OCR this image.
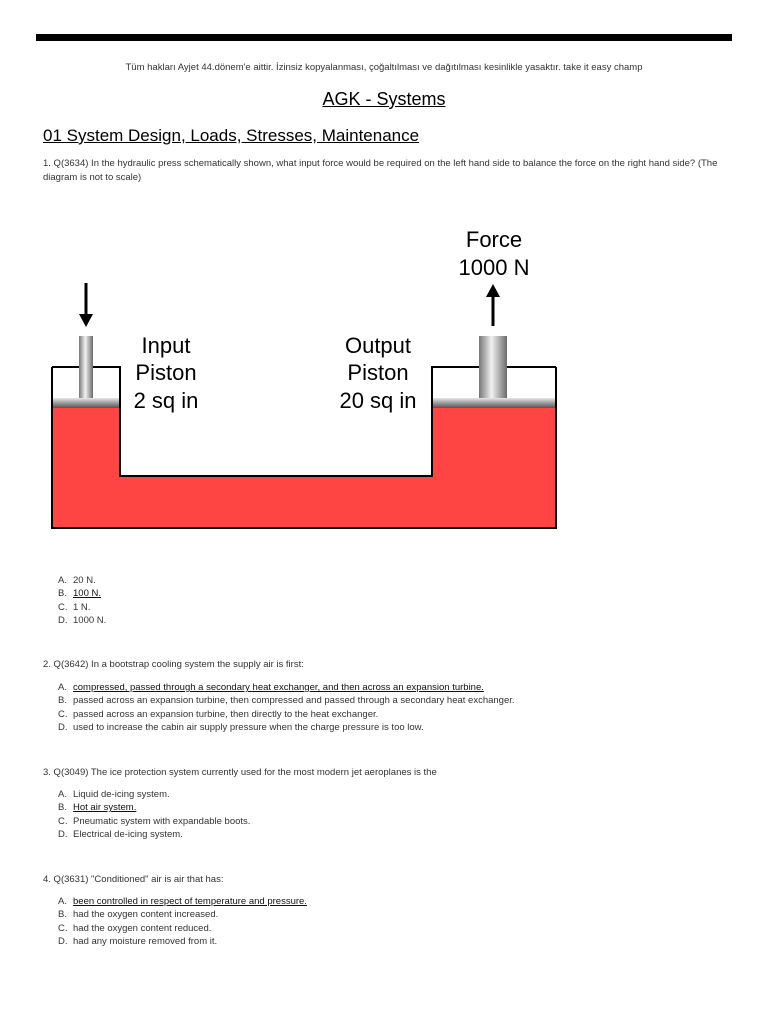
Tüm hakları Ayjet 44.dönem'e aittir. İzinsiz kopyalanması, çoğaltılması ve dağıtılması kesinlikle yasaktır. take it easy champ
AGK - Systems
01 System Design, Loads, Stresses, Maintenance
1. Q(3634) In the hydraulic press schematically shown, what input force would be required on the left hand side to balance the force on the right hand side? (The diagram is not to scale)
Force
1000 N
Input
Piston
2 sq in
Output
Piston
20 sq in
A. 20 N.
B. 100 N.
C. 1 N.
D. 1000 N.
2. Q(3642) In a bootstrap cooling system the supply air is first:
A. compressed, passed through a secondary heat exchanger, and then across an expansion turbine.
B. passed across an expansion turbine, then compressed and passed through a secondary heat exchanger.
C. passed across an expansion turbine, then directly to the heat exchanger.
D. used to increase the cabin air supply pressure when the charge pressure is too low.
3. Q(3049) The ice protection system currently used for the most modern jet aeroplanes is the
A. Liquid de-icing system.
B. Hot air system.
C. Pneumatic system with expandable boots.
D. Electrical de-icing system.
4. Q(3631) "Conditioned" air is air that has:
A. been controlled in respect of temperature and pressure.
B. had the oxygen content increased.
C. had the oxygen content reduced.
D. had any moisture removed from it.
